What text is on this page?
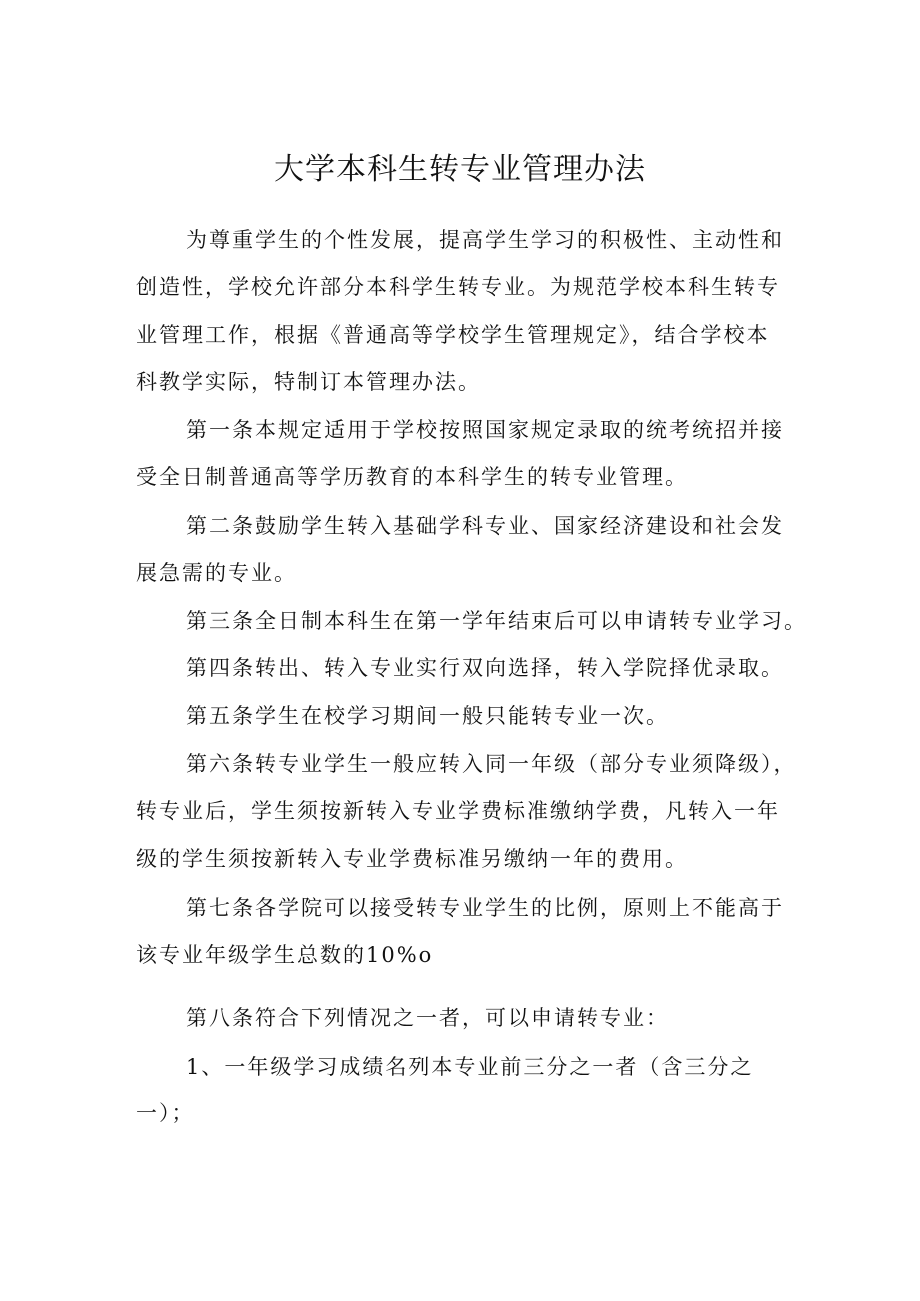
大学本科生转专业管理办法
为尊重学生的个性发展，提高学生学习的积极性、主动性和
创造性，学校允许部分本科学生转专业。为规范学校本科生转专
业管理工作，根据《普通高等学校学生管理规定》，结合学校本
科教学实际，特制订本管理办法。
第一条本规定适用于学校按照国家规定录取的统考统招并接
受全日制普通高等学历教育的本科学生的转专业管理。
第二条鼓励学生转入基础学科专业、国家经济建设和社会发
展急需的专业。
第三条全日制本科生在第一学年结束后可以申请转专业学习。
第四条转出、转入专业实行双向选择，转入学院择优录取。
第五条学生在校学习期间一般只能转专业一次。
第六条转专业学生一般应转入同一年级（部分专业须降级），
转专业后，学生须按新转入专业学费标准缴纳学费，凡转入一年
级的学生须按新转入专业学费标准另缴纳一年的费用。
第七条各学院可以接受转专业学生的比例，原则上不能高于
该专业年级学生总数的10%o
第八条符合下列情况之一者，可以申请转专业：
1、一年级学习成绩名列本专业前三分之一者（含三分之
一）；
